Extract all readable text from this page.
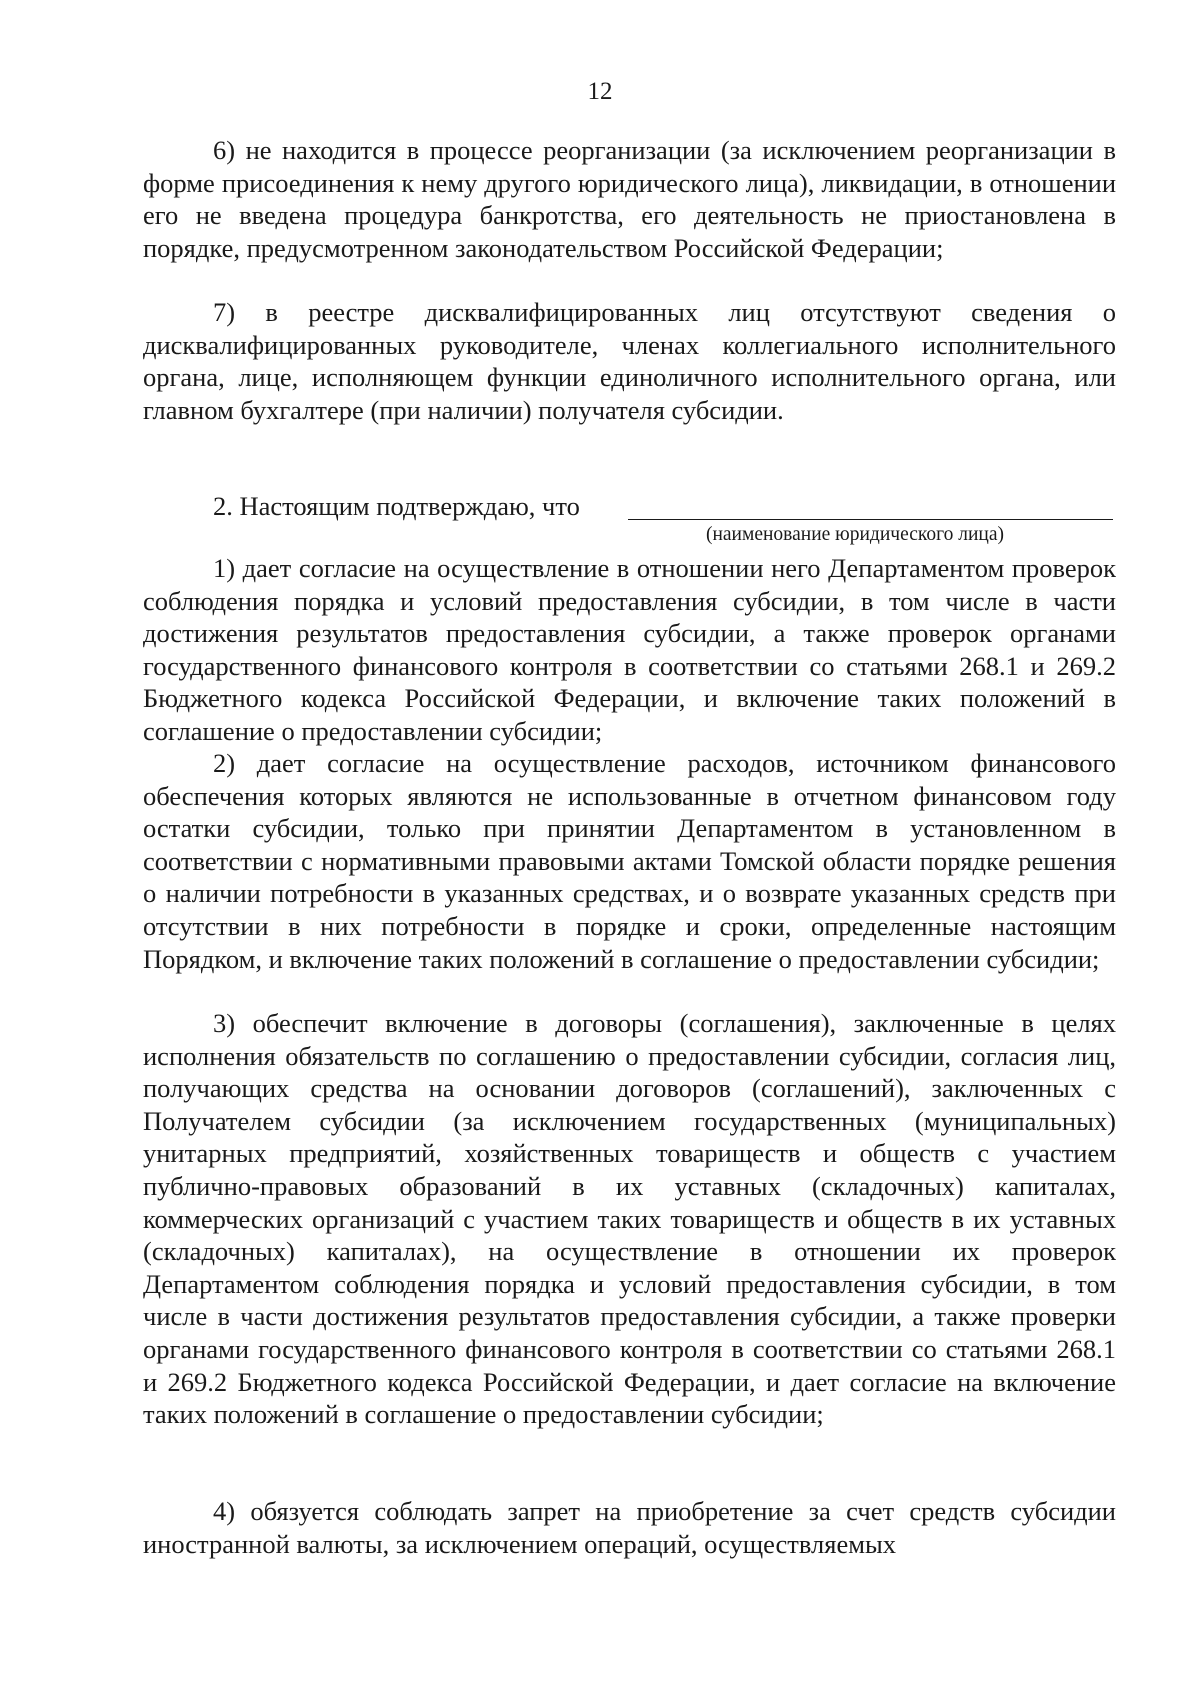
12

6) не находится в процессе реорганизации (за исключением реорганизации в форме присоединения к нему другого юридического лица), ликвидации, в отношении его не введена процедура банкротства, его деятельность не приостановлена в порядке, предусмотренном законодательством Российской Федерации;

7) в реестре дисквалифицированных лиц отсутствуют сведения о дисквалифицированных руководителе, членах коллегиального исполнительного органа, лице, исполняющем функции единоличного исполнительного органа, или главном бухгалтере (при наличии) получателя субсидии.

2. Настоящим подтверждаю, что
(наименование юридического лица)

1) дает согласие на осуществление в отношении него Департаментом проверок соблюдения порядка и условий предоставления субсидии, в том числе в части достижения результатов предоставления субсидии, а также проверок органами государственного финансового контроля в соответствии со статьями 268.1 и 269.2 Бюджетного кодекса Российской Федерации, и включение таких положений в соглашение о предоставлении субсидии;

2) дает согласие на осуществление расходов, источником финансового обеспечения которых являются не использованные в отчетном финансовом году остатки субсидии, только при принятии Департаментом в установленном в соответствии с нормативными правовыми актами Томской области порядке решения о наличии потребности в указанных средствах, и о возврате указанных средств при отсутствии в них потребности в порядке и сроки, определенные настоящим Порядком, и включение таких положений в соглашение о предоставлении субсидии;

3) обеспечит включение в договоры (соглашения), заключенные в целях исполнения обязательств по соглашению о предоставлении субсидии, согласия лиц, получающих средства на основании договоров (соглашений), заключенных с Получателем субсидии (за исключением государственных (муниципальных) унитарных предприятий, хозяйственных товариществ и обществ с участием публично-правовых образований в их уставных (складочных) капиталах, коммерческих организаций с участием таких товариществ и обществ в их уставных (складочных) капиталах), на осуществление в отношении их проверок Департаментом соблюдения порядка и условий предоставления субсидии, в том числе в части достижения результатов предоставления субсидии, а также проверки органами государственного финансового контроля в соответствии со статьями 268.1 и 269.2 Бюджетного кодекса Российской Федерации, и дает согласие на включение таких положений в соглашение о предоставлении субсидии;

4) обязуется соблюдать запрет на приобретение за счет средств субсидии иностранной валюты, за исключением операций, осуществляемых
